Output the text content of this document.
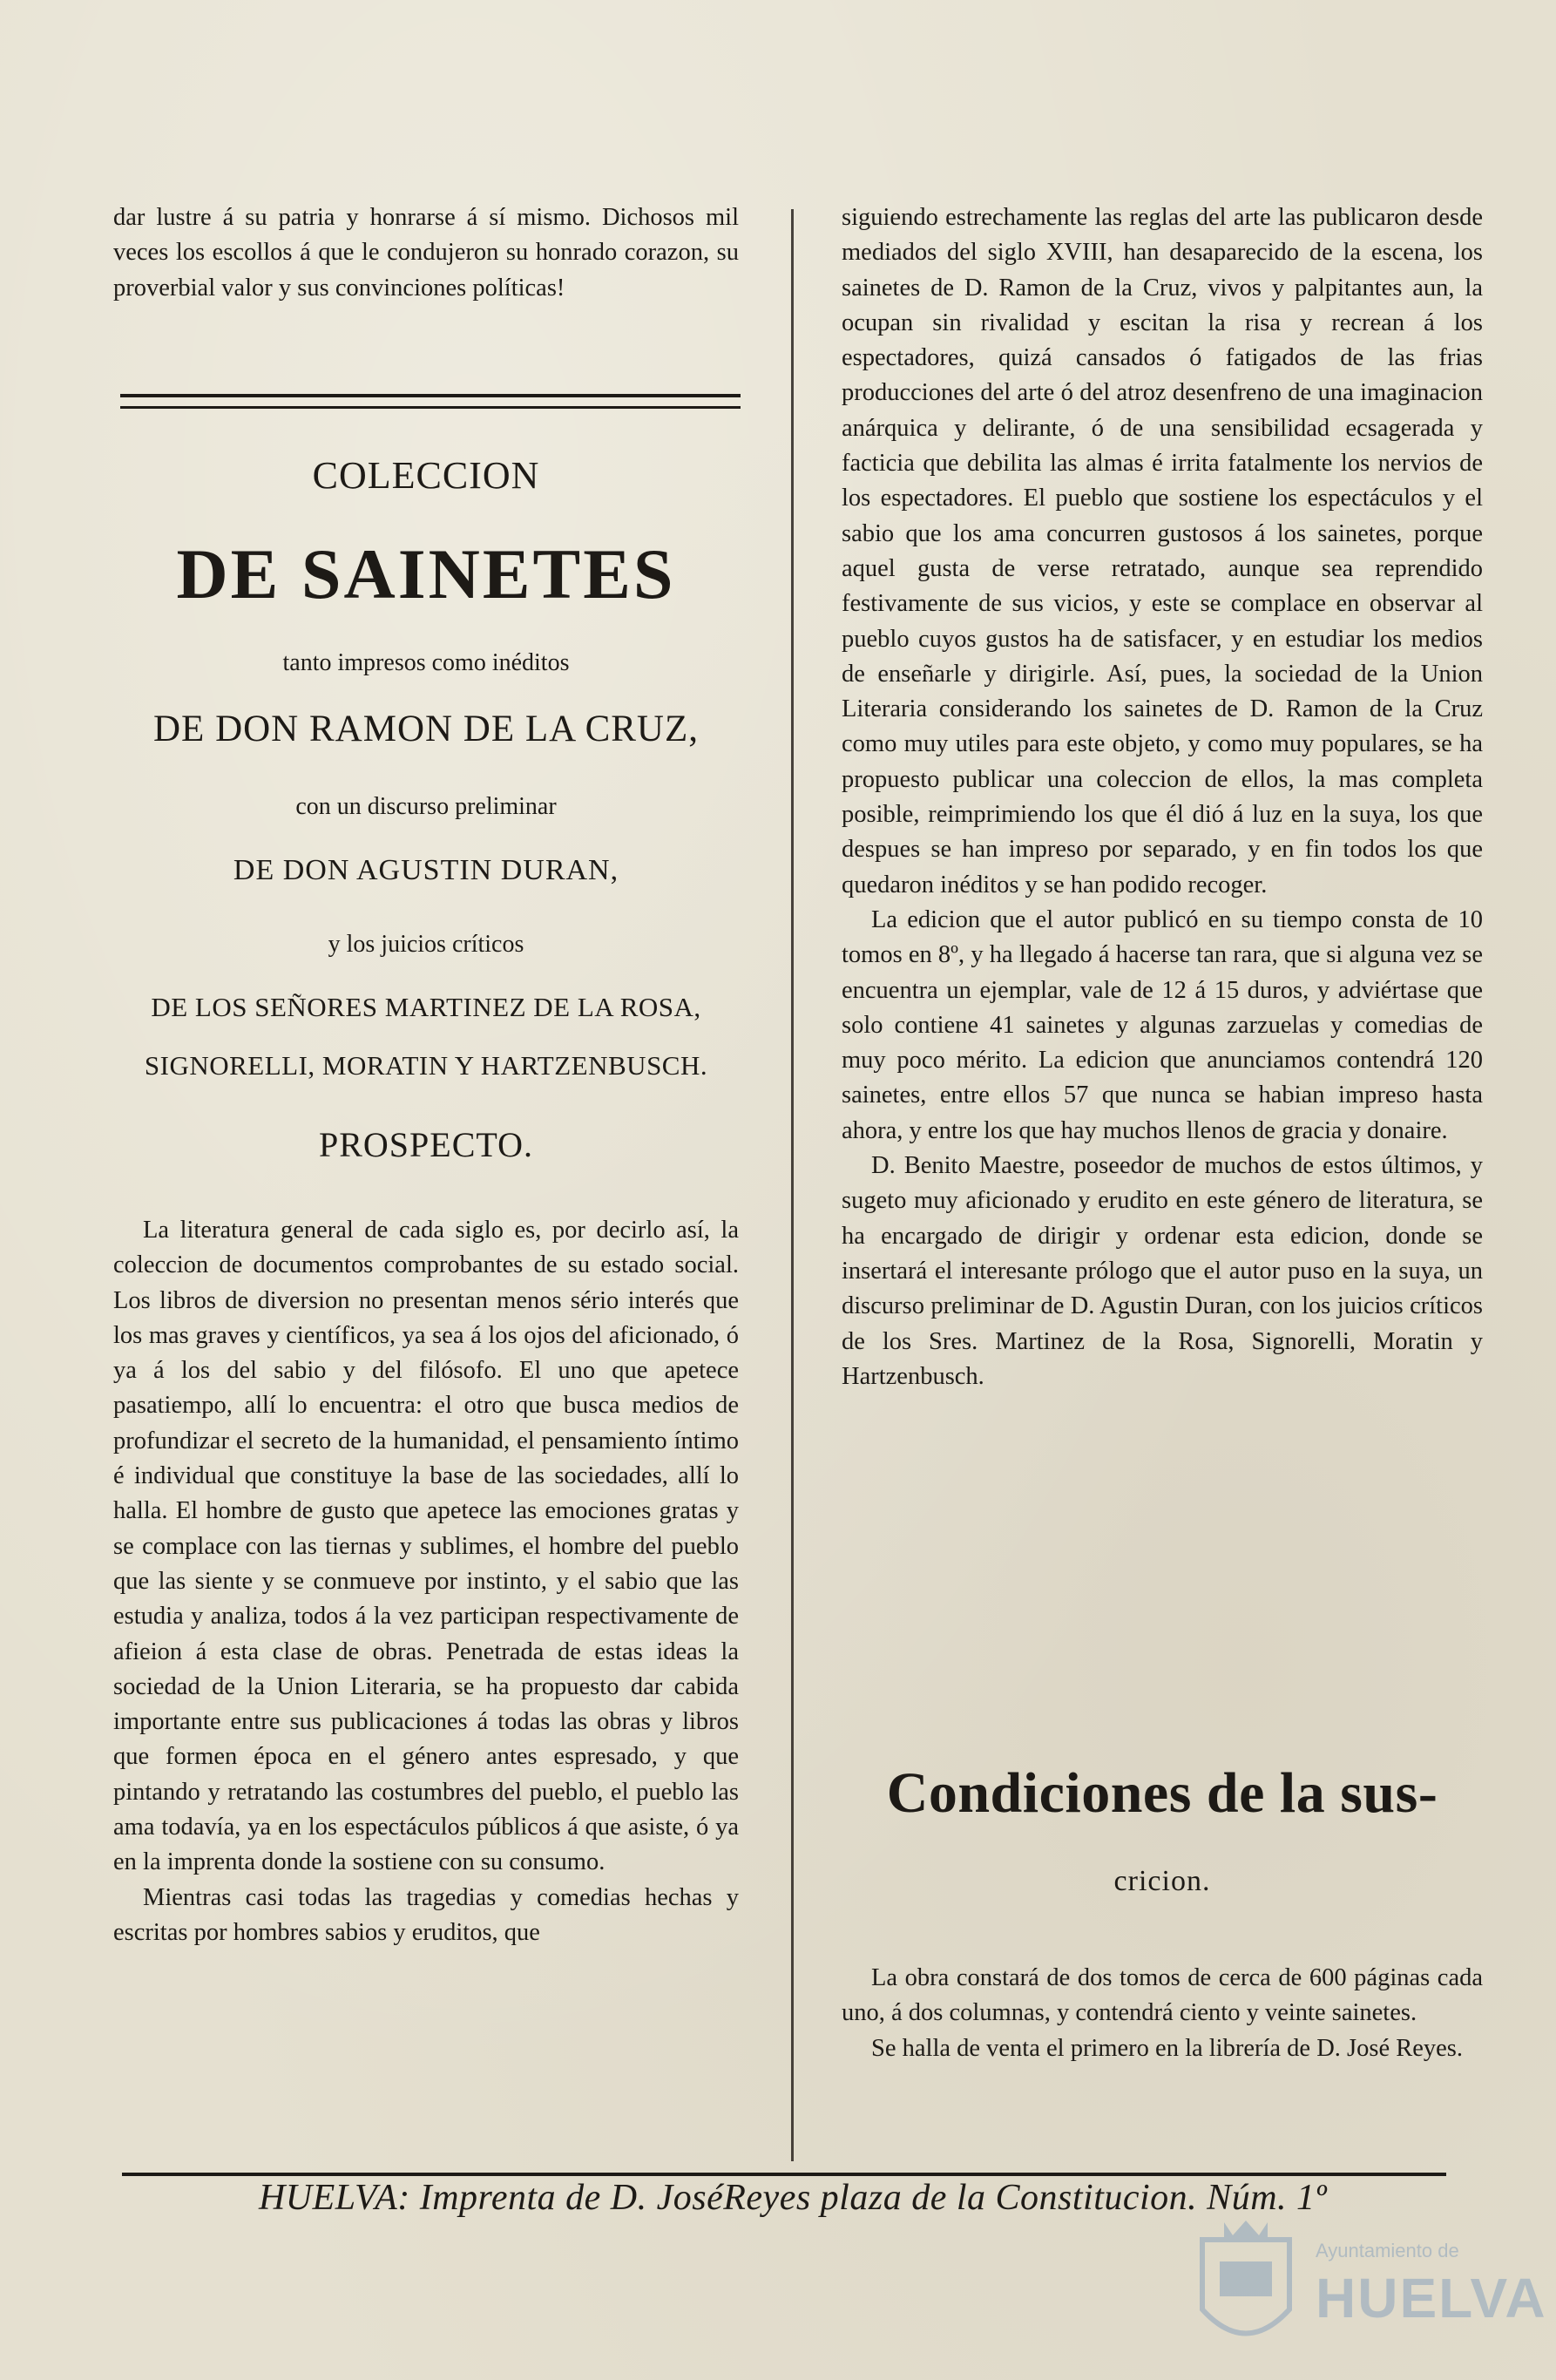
dar lustre á su patria y honrarse á sí mismo. Dichosos mil veces los escollos á que le condujeron su honrado corazon, su proverbial valor y sus convinciones políticas!

COLECCION
DE SAINETES
tanto impresos como inéditos
DE DON RAMON DE LA CRUZ,
con un discurso preliminar
DE DON AGUSTIN DURAN,
y los juicios críticos
DE LOS SEÑORES MARTINEZ DE LA ROSA,
SIGNORELLI, MORATIN Y HARTZENBUSCH.
PROSPECTO.

La literatura general de cada siglo es, por decirlo así, la coleccion de documentos comprobantes de su estado social. Los libros de diversion no presentan menos sério interés que los mas graves y científicos, ya sea á los ojos del aficionado, ó ya á los del sabio y del filósofo. El uno que apetece pasatiempo, allí lo encuentra: el otro que busca medios de profundizar el secreto de la humanidad, el pensamiento íntimo é individual que constituye la base de las sociedades, allí lo halla. El hombre de gusto que apetece las emociones gratas y se complace con las tiernas y sublimes, el hombre del pueblo que las siente y se conmueve por instinto, y el sabio que las estudia y analiza, todos á la vez participan respectivamente de afieion á esta clase de obras. Penetrada de estas ideas la sociedad de la Union Literaria, se ha propuesto dar cabida importante entre sus publicaciones á todas las obras y libros que formen época en el género antes espresado, y que pintando y retratando las costumbres del pueblo, el pueblo las ama todavía, ya en los espectáculos públicos á que asiste, ó ya en la imprenta donde la sostiene con su consumo.

Mientras casi todas las tragedias y comedias hechas y escritas por hombres sabios y eruditos, que

siguiendo estrechamente las reglas del arte las publicaron desde mediados del siglo XVIII, han desaparecido de la escena, los sainetes de D. Ramon de la Cruz, vivos y palpitantes aun, la ocupan sin rivalidad y escitan la risa y recrean á los espectadores, quizá cansados ó fatigados de las frias producciones del arte ó del atroz desenfreno de una imaginacion anárquica y delirante, ó de una sensibilidad ecsagerada y facticia que debilita las almas é irrita fatalmente los nervios de los espectadores. El pueblo que sostiene los espectáculos y el sabio que los ama concurren gustosos á los sainetes, porque aquel gusta de verse retratado, aunque sea reprendido festivamente de sus vicios, y este se complace en observar al pueblo cuyos gustos ha de satisfacer, y en estudiar los medios de enseñarle y dirigirle. Así, pues, la sociedad de la Union Literaria considerando los sainetes de D. Ramon de la Cruz como muy utiles para este objeto, y como muy populares, se ha propuesto publicar una coleccion de ellos, la mas completa posible, reimprimiendo los que él dió á luz en la suya, los que despues se han impreso por separado, y en fin todos los que quedaron inéditos y se han podido recoger.

La edicion que el autor publicó en su tiempo consta de 10 tomos en 8º, y ha llegado á hacerse tan rara, que si alguna vez se encuentra un ejemplar, vale de 12 á 15 duros, y adviértase que solo contiene 41 sainetes y algunas zarzuelas y comedias de muy poco mérito. La edicion que anunciamos contendrá 120 sainetes, entre ellos 57 que nunca se habian impreso hasta ahora, y entre los que hay muchos llenos de gracia y donaire.

D. Benito Maestre, poseedor de muchos de estos últimos, y sugeto muy aficionado y erudito en este género de literatura, se ha encargado de dirigir y ordenar esta edicion, donde se insertará el interesante prólogo que el autor puso en la suya, un discurso preliminar de D. Agustin Duran, con los juicios críticos de los Sres. Martinez de la Rosa, Signorelli, Moratin y Hartzenbusch.

Condiciones de la sus-
cricion.

La obra constará de dos tomos de cerca de 600 páginas cada uno, á dos columnas, y contendrá ciento y veinte sainetes.

Se halla de venta el primero en la librería de D. José Reyes.

HUELVA: Imprenta de D. JoséReyes plaza de la Constitucion. Núm. 1º
Ayuntamiento de
HUELVA
